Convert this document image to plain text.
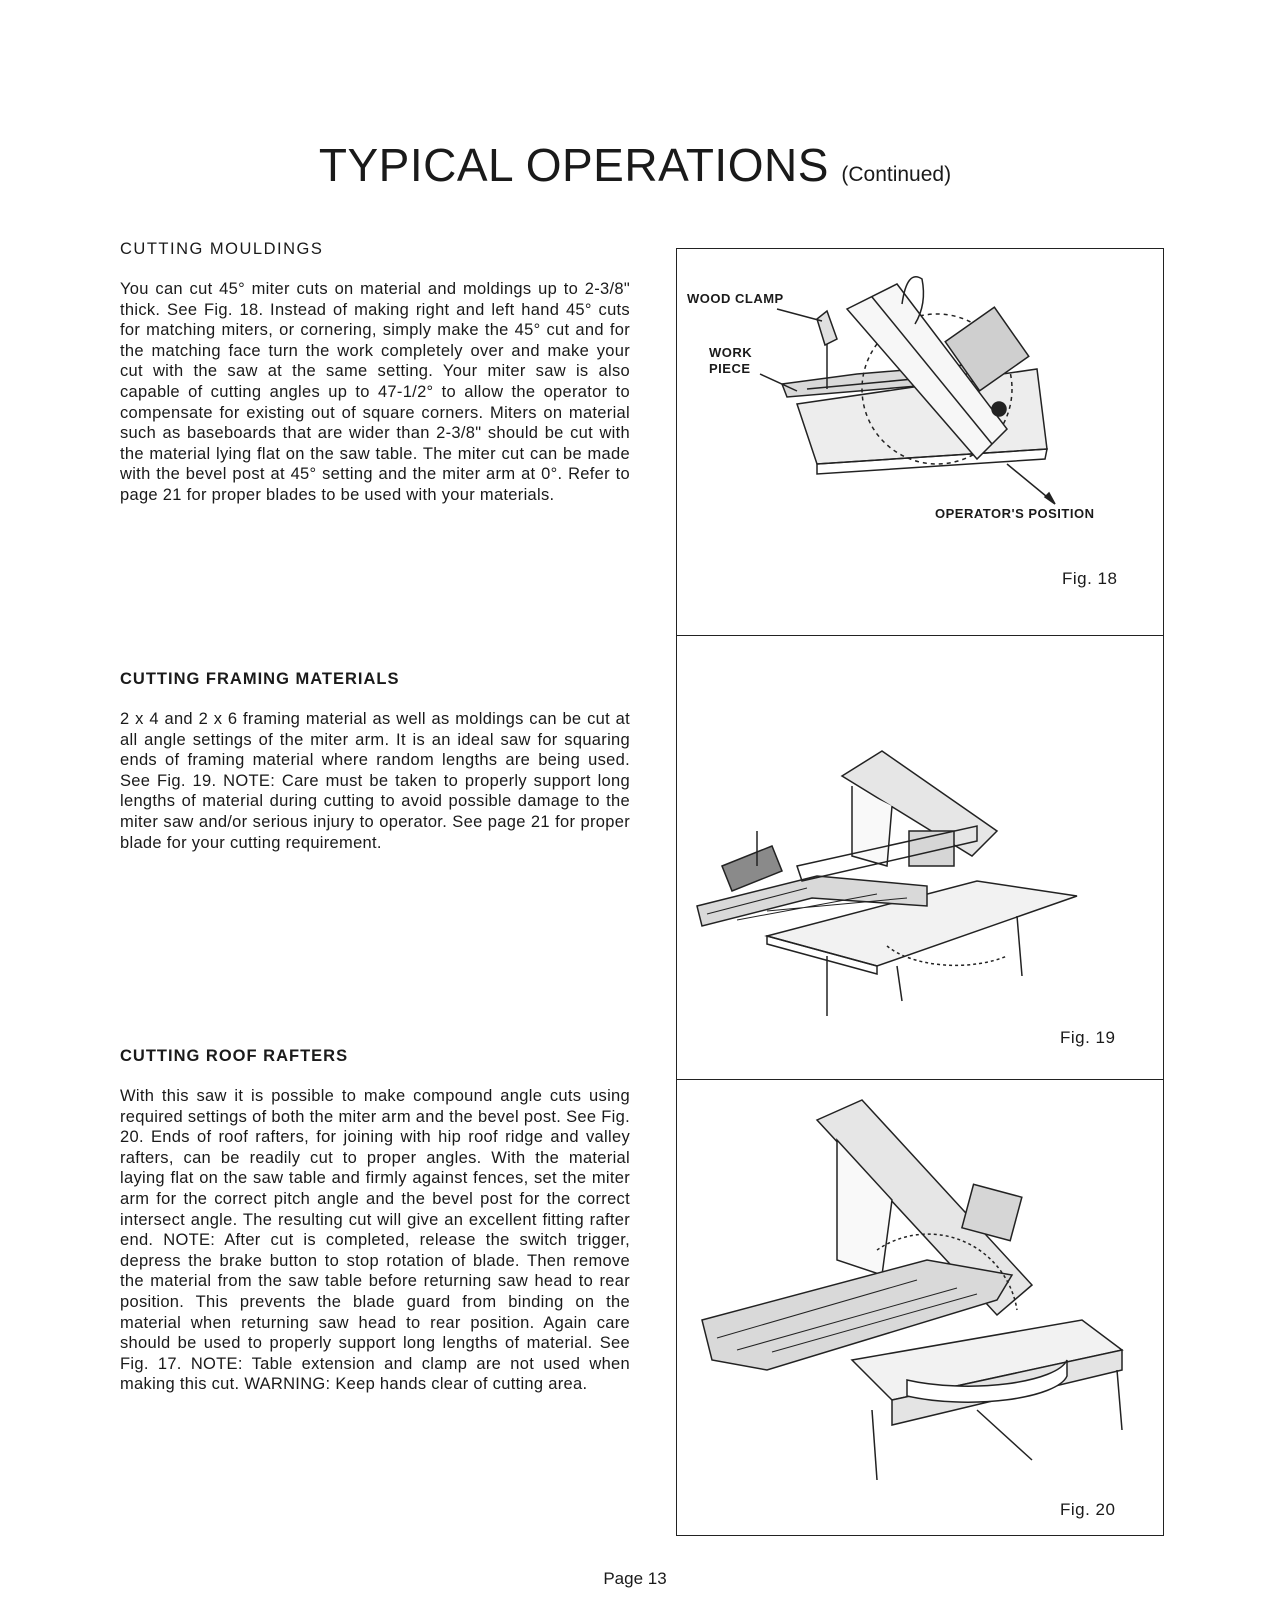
TYPICAL OPERATIONS (Continued)
CUTTING MOULDINGS

You can cut 45° miter cuts on material and moldings up to 2-3/8" thick. See Fig. 18. Instead of making right and left hand 45° cuts for matching miters, or cornering, simply make the 45° cut and for the matching face turn the work completely over and make your cut with the saw at the same setting. Your miter saw is also capable of cutting angles up to 47-1/2° to allow the operator to compensate for existing out of square corners. Miters on material such as baseboards that are wider than 2-3/8" should be cut with the material lying flat on the saw table. The miter cut can be made with the bevel post at 45° setting and the miter arm at 0°. Refer to page 21 for proper blades to be used with your materials.

CUTTING FRAMING MATERIALS

2 x 4 and 2 x 6 framing material as well as moldings can be cut at all angle settings of the miter arm. It is an ideal saw for squaring ends of framing material where random lengths are being used. See Fig. 19. NOTE: Care must be taken to properly support long lengths of material during cutting to avoid possible damage to the miter saw and/or serious injury to operator. See page 21 for proper blade for your cutting requirement.

CUTTING ROOF RAFTERS

With this saw it is possible to make compound angle cuts using required settings of both the miter arm and the bevel post. See Fig. 20. Ends of roof rafters, for joining with hip roof ridge and valley rafters, can be readily cut to proper angles. With the material laying flat on the saw table and firmly against fences, set the miter arm for the correct pitch angle and the bevel post for the correct intersect angle. The resulting cut will give an excellent fitting rafter end. NOTE: After cut is completed, release the switch trigger, depress the brake button to stop rotation of blade. Then remove the material from the saw table before returning saw head to rear position. This prevents the blade guard from binding on the material when returning saw head to rear position. Again care should be used to properly support long lengths of material. See Fig. 17. NOTE: Table extension and clamp are not used when making this cut. WARNING: Keep hands clear of cutting area.

WOOD CLAMP
WORK
PIECE
OPERATOR'S POSITION
Fig. 18
Fig. 19
Fig. 20
Page 13
